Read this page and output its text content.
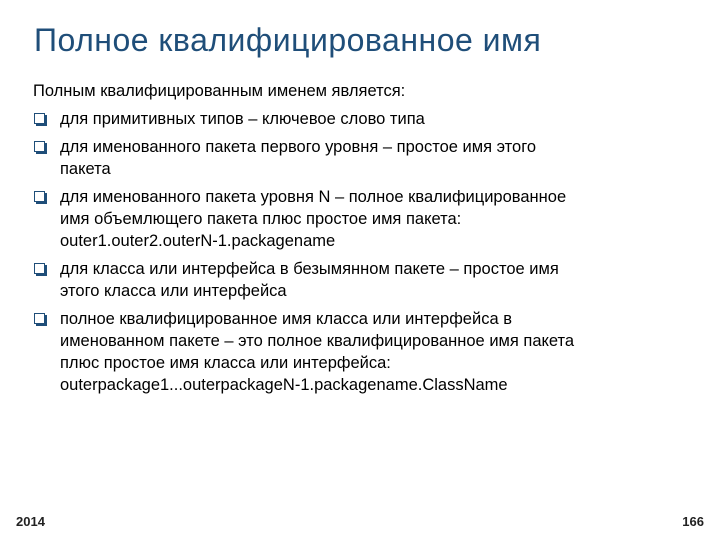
Полное квалифицированное имя

Полным квалифицированным именем является:

для примитивных типов – ключевое слово типа
для именованного пакета первого уровня – простое имя этого
пакета
для именованного пакета уровня N – полное квалифицированное
имя объемлющего пакета плюс простое имя пакета:
outer1.outer2.outerN-1.packagename
для класса или интерфейса в безымянном пакете – простое имя
этого класса или интерфейса
полное квалифицированное имя класса или интерфейса в
именованном пакете – это полное квалифицированное имя пакета
плюс простое имя класса или интерфейса:
outerpackage1...outerpackageN-1.packagename.ClassName
2014	166
